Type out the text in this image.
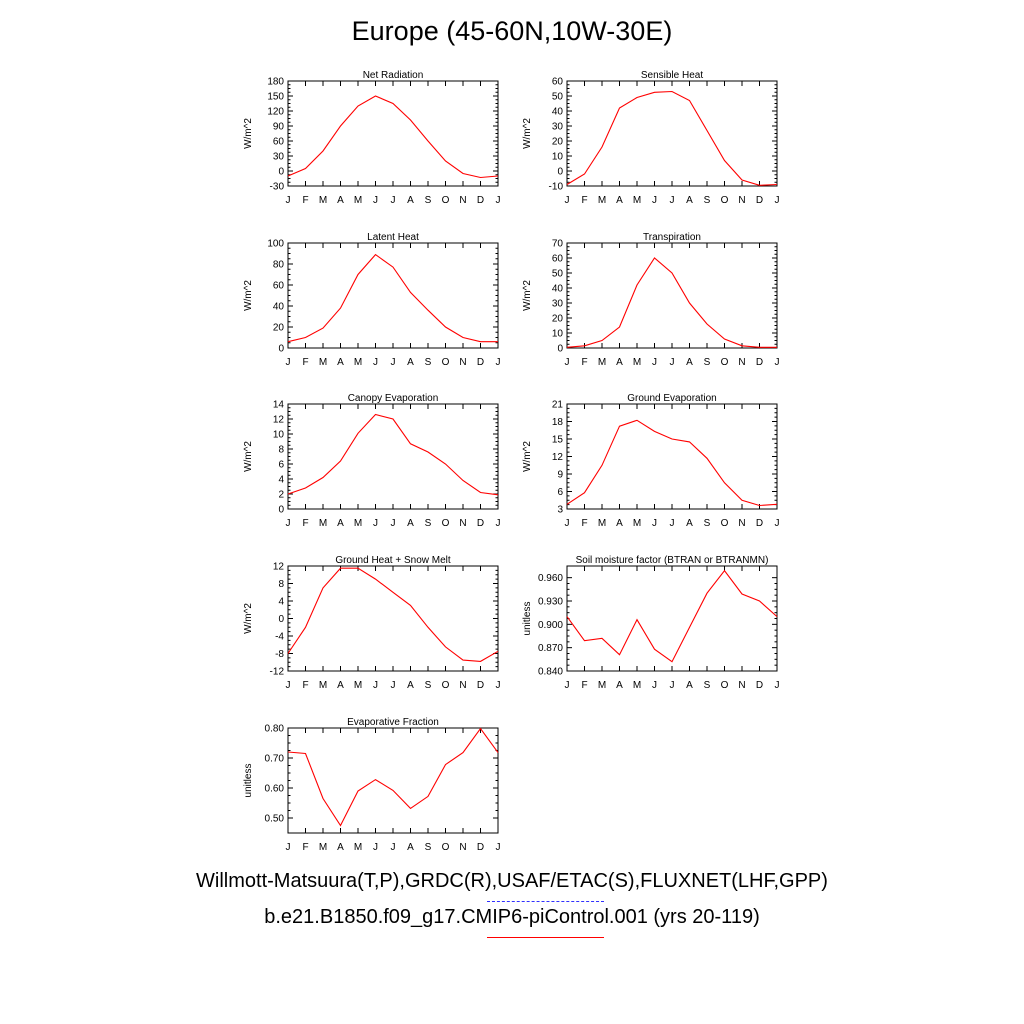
Europe (45-60N,10W-30E)
Net Radiation
W/m^2
-30
0
30
60
90
120
150
180
J F M A M J J A S O N D J
Sensible Heat
W/m^2
-10
0
10
20
30
40
50
60
J F M A M J J A S O N D J
Latent Heat
W/m^2
0
20
40
60
80
100
J F M A M J J A S O N D J
Transpiration
W/m^2
0
10
20
30
40
50
60
70
J F M A M J J A S O N D J
Canopy Evaporation
W/m^2
0
2
4
6
8
10
12
14
J F M A M J J A S O N D J
Ground Evaporation
W/m^2
3
6
9
12
15
18
21
J F M A M J J A S O N D J
Ground Heat + Snow Melt
W/m^2
-12
-8
-4
0
4
8
12
J F M A M J J A S O N D J
Soil moisture factor (BTRAN or BTRANMN)
unitless
0.840
0.870
0.900
0.930
0.960
J F M A M J J A S O N D J
Evaporative Fraction
unitless
0.50
0.60
0.70
0.80
J F M A M J J A S O N D J
Willmott-Matsuura(T,P),GRDC(R),USAF/ETAC(S),FLUXNET(LHF,GPP)
b.e21.B1850.f09_g17.CMIP6-piControl.001 (yrs 20-119)
